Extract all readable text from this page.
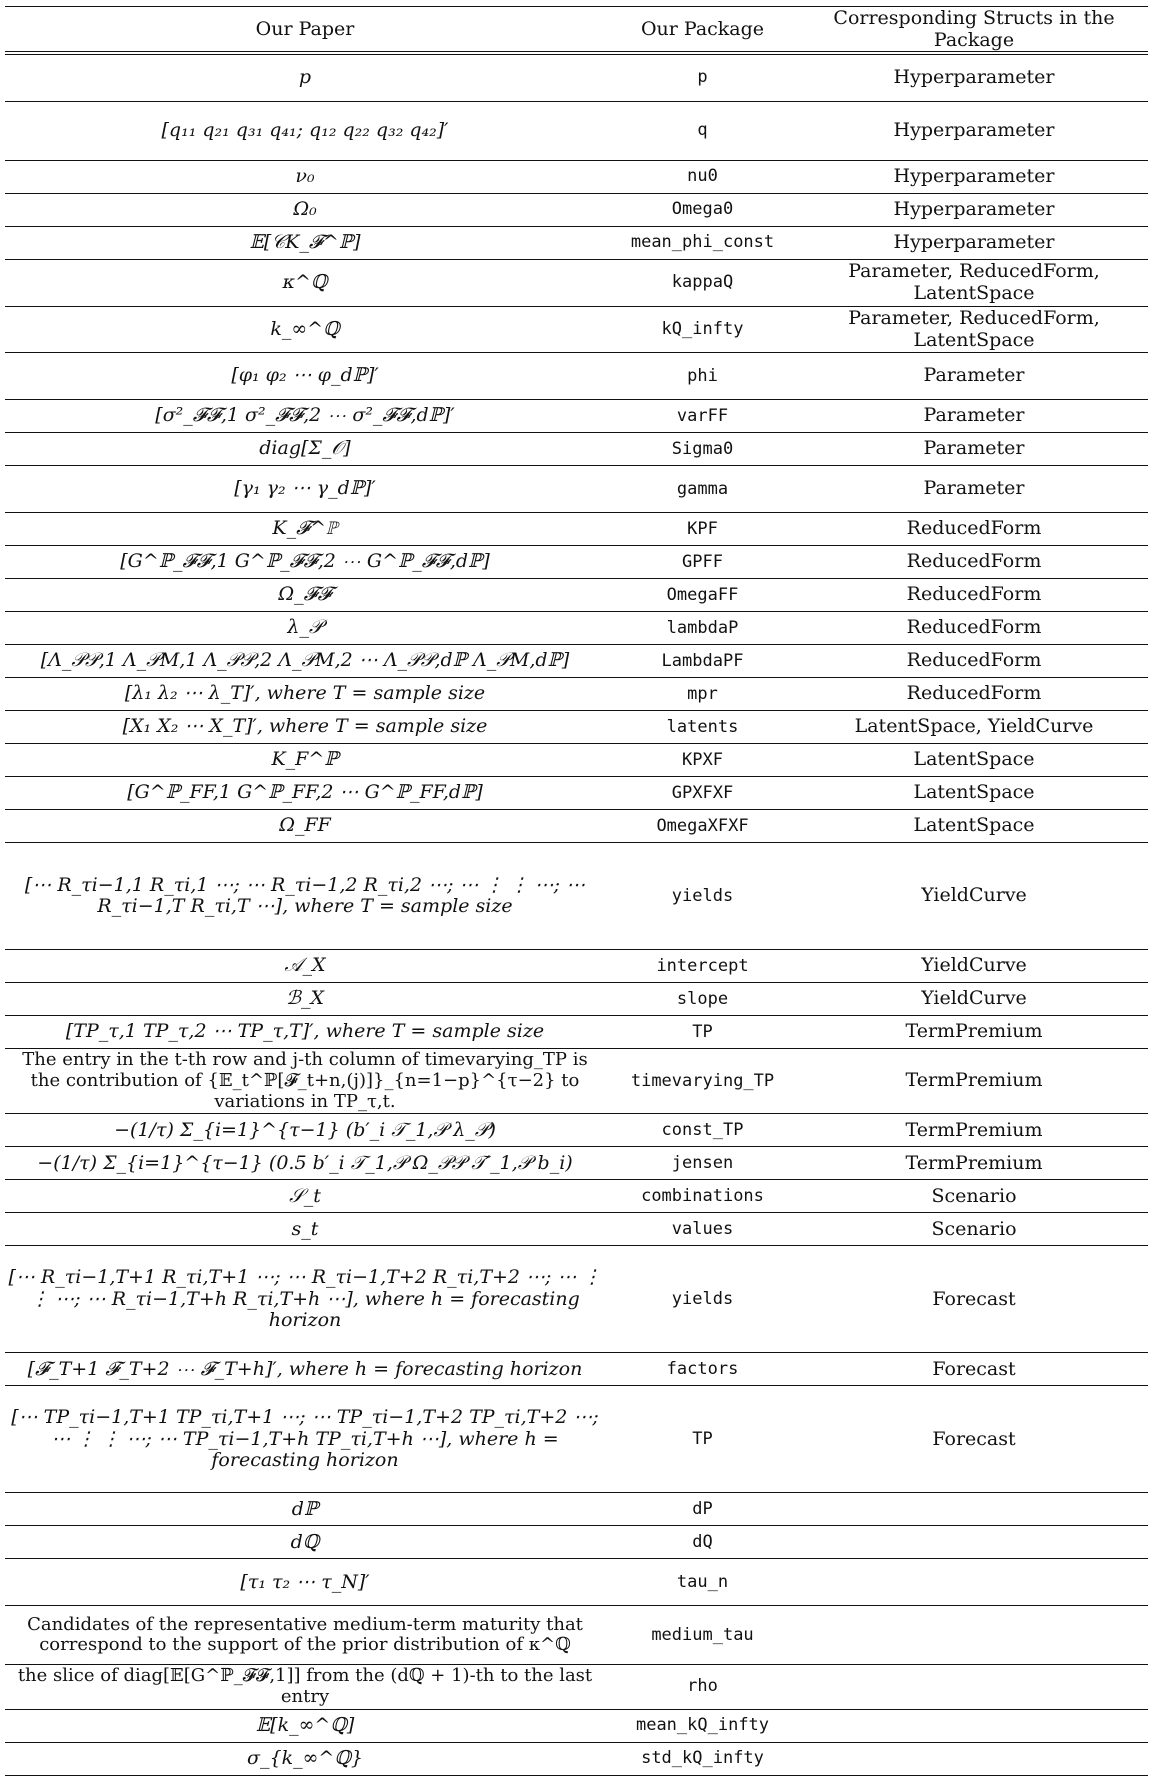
Our Paper	Our Package	Corresponding Structs in the Package
p	p	Hyperparameter
[q₁₁ q₂₁ q₃₁ q₄₁; q₁₂ q₂₂ q₃₂ q₄₂]′	q	Hyperparameter
ν₀	nu0	Hyperparameter
Ω₀	Omega0	Hyperparameter
𝔼[𝒞K_𝓕^ℙ]	mean_phi_const	Hyperparameter
κ^ℚ	kappaQ	Parameter, ReducedForm, LatentSpace
k_∞^ℚ	kQ_infty	Parameter, ReducedForm, LatentSpace
[φ₁ φ₂ ⋯ φ_dℙ]′	phi	Parameter
[σ²_𝓕𝓕,1 σ²_𝓕𝓕,2 ⋯ σ²_𝓕𝓕,dℙ]′	varFF	Parameter
diag[Σ_𝒪]	Sigma0	Parameter
[γ₁ γ₂ ⋯ γ_dℙ]′	gamma	Parameter
K_𝓕^ℙ	KPF	ReducedForm
[G^ℙ_𝓕𝓕,1 G^ℙ_𝓕𝓕,2 ⋯ G^ℙ_𝓕𝓕,dℙ]	GPFF	ReducedForm
Ω_𝓕𝓕	OmegaFF	ReducedForm
λ_𝒫	lambdaP	ReducedForm
[Λ_𝒫𝒫,1 Λ_𝒫M,1 Λ_𝒫𝒫,2 Λ_𝒫M,2 ⋯ Λ_𝒫𝒫,dℙ Λ_𝒫M,dℙ]	LambdaPF	ReducedForm
[λ₁ λ₂ ⋯ λ_T]′, where T = sample size	mpr	ReducedForm
[X₁ X₂ ⋯ X_T]′, where T = sample size	latents	LatentSpace, YieldCurve
K_F^ℙ	KPXF	LatentSpace
[G^ℙ_FF,1 G^ℙ_FF,2 ⋯ G^ℙ_FF,dℙ]	GPXFXF	LatentSpace
Ω_FF	OmegaXFXF	LatentSpace
[⋯ R_τi−1,1 R_τi,1 ⋯; ⋯ R_τi−1,2 R_τi,2 ⋯; ⋯ ⋮ ⋮ ⋯; ⋯ R_τi−1,T R_τi,T ⋯], where T = sample size	yields	YieldCurve
𝒜_X	intercept	YieldCurve
ℬ_X	slope	YieldCurve
[TP_τ,1 TP_τ,2 ⋯ TP_τ,T]′, where T = sample size	TP	TermPremium
The entry in the t-th row and j-th column of timevarying_TP is the contribution of {𝔼_t^ℙ[𝓕_t+n,(j)]}_{n=1−p}^{τ−2} to variations in TP_τ,t.	timevarying_TP	TermPremium
−(1/τ) Σ_{i=1}^{τ−1} (b′_i 𝒯_1,𝒫 λ_𝒫)	const_TP	TermPremium
−(1/τ) Σ_{i=1}^{τ−1} (0.5 b′_i 𝒯_1,𝒫 Ω_𝒫𝒫 𝒯′_1,𝒫 b_i)	jensen	TermPremium
𝒮_t	combinations	Scenario
s_t	values	Scenario
[⋯ R_τi−1,T+1 R_τi,T+1 ⋯; ⋯ R_τi−1,T+2 R_τi,T+2 ⋯; ⋯ ⋮ ⋮ ⋯; ⋯ R_τi−1,T+h R_τi,T+h ⋯], where h = forecasting horizon	yields	Forecast
[𝓕_T+1 𝓕_T+2 ⋯ 𝓕_T+h]′, where h = forecasting horizon	factors	Forecast
[⋯ TP_τi−1,T+1 TP_τi,T+1 ⋯; ⋯ TP_τi−1,T+2 TP_τi,T+2 ⋯; ⋯ ⋮ ⋮ ⋯; ⋯ TP_τi−1,T+h TP_τi,T+h ⋯], where h = forecasting horizon	TP	Forecast
dℙ	dP	
dℚ	dQ	
[τ₁ τ₂ ⋯ τ_N]′	tau_n	
Candidates of the representative medium-term maturity that correspond to the support of the prior distribution of κ^ℚ	medium_tau	
the slice of diag[𝔼[G^ℙ_𝓕𝓕,1]] from the (dℚ + 1)-th to the last entry	rho	
𝔼[k_∞^ℚ]	mean_kQ_infty	
σ_{k_∞^ℚ}	std_kQ_infty	
